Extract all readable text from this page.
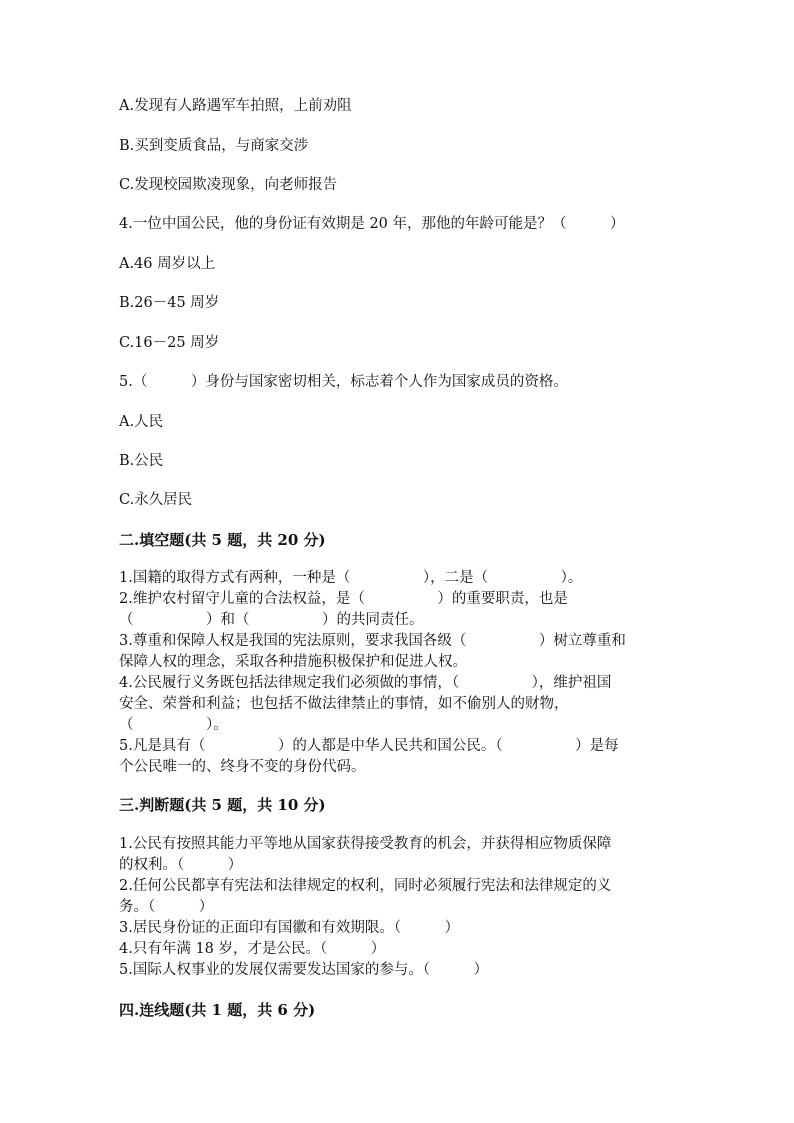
A.发现有人路遇军车拍照，上前劝阻
B.买到变质食品，与商家交涉
C.发现校园欺凌现象，向老师报告
4.一位中国公民，他的身份证有效期是 20 年，那他的年龄可能是？（　　　）
A.46 周岁以上
B.26－45 周岁
C.16－25 周岁
5.（　　　）身份与国家密切相关，标志着个人作为国家成员的资格。
A.人民
B.公民
C.永久居民
二.填空题(共 5 题，共 20 分)
1.国籍的取得方式有两种，一种是（　　　　　），二是（　　　　　）。
2.维护农村留守儿童的合法权益，是（　　　　　）的重要职责，也是
（　　　　　）和（　　　　　）的共同责任。
3.尊重和保障人权是我国的宪法原则，要求我国各级（　　　　　）树立尊重和
保障人权的理念，采取各种措施积极保护和促进人权。
4.公民履行义务既包括法律规定我们必须做的事情，（　　　　　），维护祖国
安全、荣誉和利益；也包括不做法律禁止的事情，如不偷别人的财物，
（　　　　　）。
5.凡是具有（　　　　　）的人都是中华人民共和国公民。（　　　　　）是每
个公民唯一的、终身不变的身份代码。
三.判断题(共 5 题，共 10 分)
1.公民有按照其能力平等地从国家获得接受教育的机会，并获得相应物质保障
的权利。（　　　）
2.任何公民都享有宪法和法律规定的权利，同时必须履行宪法和法律规定的义
务。（　　　）
3.居民身份证的正面印有国徽和有效期限。（　　　）
4.只有年满 18 岁，才是公民。（　　　）
5.国际人权事业的发展仅需要发达国家的参与。（　　　）
四.连线题(共 1 题，共 6 分)
